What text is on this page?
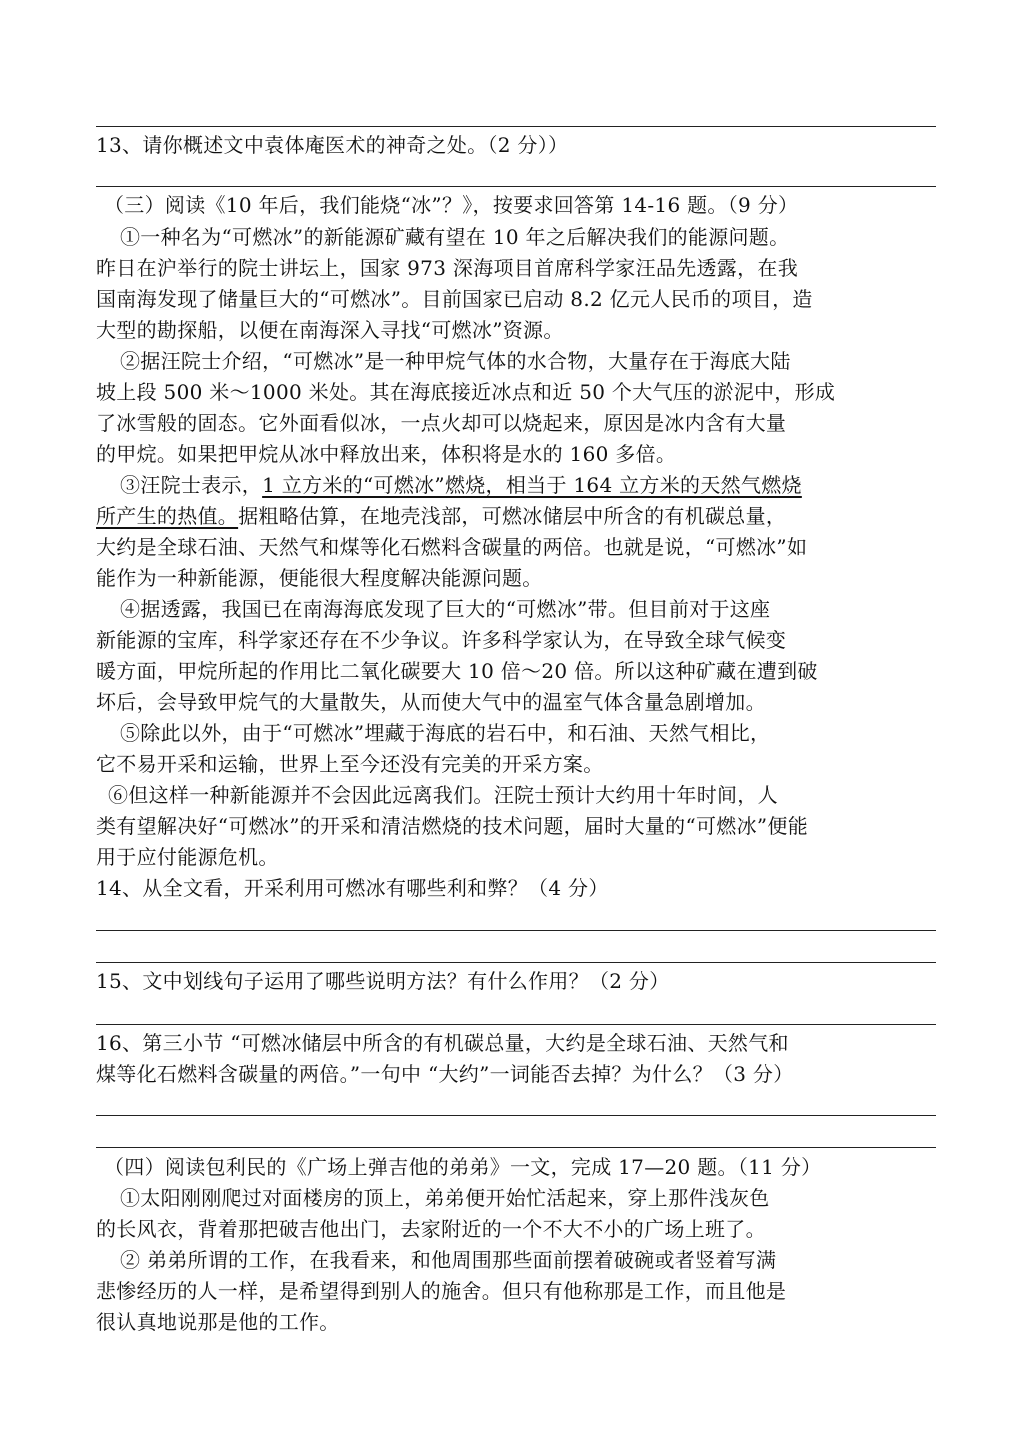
13、请你概述文中袁体庵医术的神奇之处。（2 分））
（三）阅读《10 年后，我们能烧“冰”？》，按要求回答第 14-16 题。（9 分）
①一种名为“可燃冰”的新能源矿藏有望在 10 年之后解决我们的能源问题。
昨日在沪举行的院士讲坛上，国家 973 深海项目首席科学家汪品先透露，在我
国南海发现了储量巨大的“可燃冰”。目前国家已启动 8.2 亿元人民币的项目，造
大型的勘探船，以便在南海深入寻找“可燃冰”资源。
②据汪院士介绍，“可燃冰”是一种甲烷气体的水合物，大量存在于海底大陆
坡上段 500 米～1000 米处。其在海底接近冰点和近 50 个大气压的淤泥中，形成
了冰雪般的固态。它外面看似冰，一点火却可以烧起来，原因是冰内含有大量
的甲烷。如果把甲烷从冰中释放出来，体积将是水的 160 多倍。
③汪院士表示，1 立方米的“可燃冰”燃烧，相当于 164 立方米的天然气燃烧
所产生的热值。据粗略估算，在地壳浅部，可燃冰储层中所含的有机碳总量，
大约是全球石油、天然气和煤等化石燃料含碳量的两倍。也就是说，“可燃冰”如
能作为一种新能源，便能很大程度解决能源问题。
④据透露，我国已在南海海底发现了巨大的“可燃冰”带。但目前对于这座
新能源的宝库，科学家还存在不少争议。许多科学家认为，在导致全球气候变
暖方面，甲烷所起的作用比二氧化碳要大 10 倍～20 倍。所以这种矿藏在遭到破
坏后，会导致甲烷气的大量散失，从而使大气中的温室气体含量急剧增加。
⑤除此以外，由于“可燃冰”埋藏于海底的岩石中，和石油、天然气相比，
它不易开采和运输，世界上至今还没有完美的开采方案。
⑥但这样一种新能源并不会因此远离我们。汪院士预计大约用十年时间，人
类有望解决好“可燃冰”的开采和清洁燃烧的技术问题，届时大量的“可燃冰”便能
用于应付能源危机。
14、从全文看，开采利用可燃冰有哪些利和弊？（4 分）
15、文中划线句子运用了哪些说明方法？有什么作用？（2 分）
16、第三小节 “可燃冰储层中所含的有机碳总量，大约是全球石油、天然气和
煤等化石燃料含碳量的两倍。”一句中 “大约”一词能否去掉？为什么？（3 分）
（四）阅读包利民的《广场上弹吉他的弟弟》一文，完成 17—20 题。（11 分）
①太阳刚刚爬过对面楼房的顶上，弟弟便开始忙活起来，穿上那件浅灰色
的长风衣，背着那把破吉他出门，去家附近的一个不大不小的广场上班了。
② 弟弟所谓的工作，在我看来，和他周围那些面前摆着破碗或者竖着写满
悲惨经历的人一样，是希望得到别人的施舍。但只有他称那是工作，而且他是
很认真地说那是他的工作。
